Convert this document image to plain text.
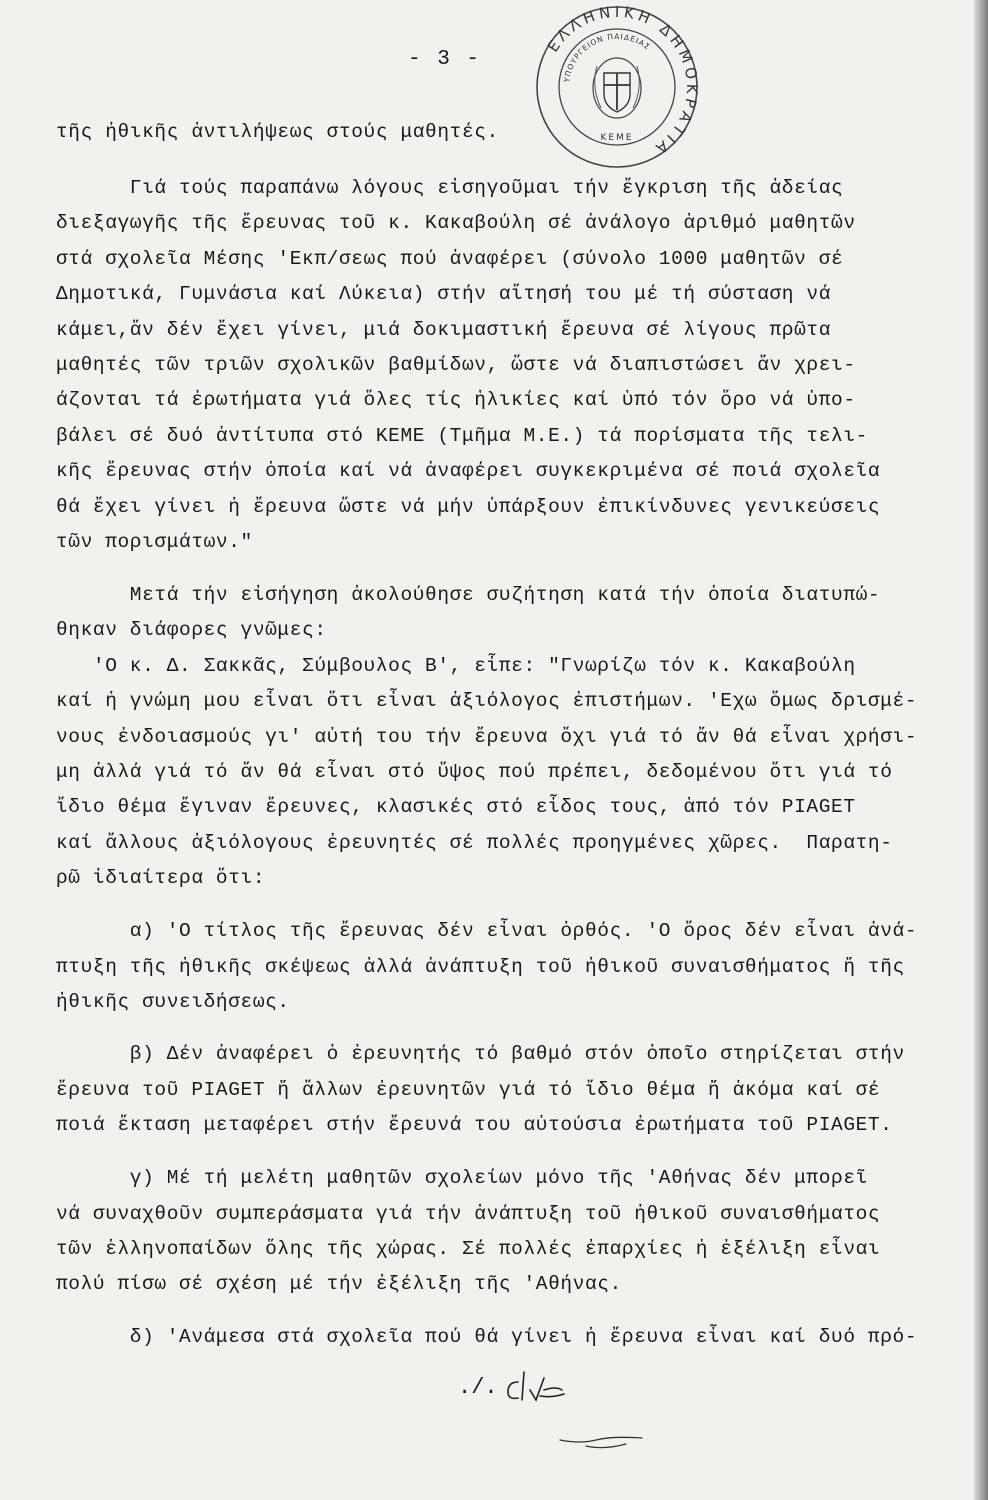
- 3 -
ΕΛΛΗΝΙΚΗ ΔΗΜΟΚΡΑΤΙΑ
ΥΠΟΥΡΓΕΙΟΝ ΠΑΙΔΕΙΑΣ
ΚΕΜΕ
τῆς ἠθικῆς ἀντιλήψεως στούς μαθητές.
Γιά τούς παραπάνω λόγους εἰσηγοῦμαι τήν ἔγκριση τῆς ἀδείας
διεξαγωγῆς τῆς ἔρευνας τοῦ κ. Κακαβούλη σέ ἀνάλογο ἀριθμό μαθητῶν
στά σχολεῖα Μέσης 'Εκπ/σεως πού ἀναφέρει (σύνολο 1000 μαθητῶν σέ
Δημοτικά, Γυμνάσια καί Λύκεια) στήν αἴτησή του μέ τή σύσταση νά
κάμει,ἄν δέν ἔχει γίνει, μιά δοκιμαστική ἔρευνα σέ λίγους πρῶτα
μαθητές τῶν τριῶν σχολικῶν βαθμίδων, ὥστε νά διαπιστώσει ἄν χρει-
άζονται τά ἐρωτήματα γιά ὅλες τίς ἡλικίες καί ὑπό τόν ὅρο νά ὑπο-
βάλει σέ δυό ἀντίτυπα στό ΚΕΜΕ (Τμῆμα Μ.Ε.) τά πορίσματα τῆς τελι-
κῆς ἔρευνας στήν ὁποία καί νά ἀναφέρει συγκεκριμένα σέ ποιά σχολεῖα
θά ἔχει γίνει ἡ ἔρευνα ὥστε νά μήν ὑπάρξουν ἐπικίνδυνες γενικεύσεις
τῶν πορισμάτων."
Μετά τήν εἰσήγηση ἀκολούθησε συζήτηση κατά τήν ὁποία διατυπώ-
θηκαν διάφορες γνῶμες:
'Ο κ. Δ. Σακκᾶς, Σύμβουλος Β', εἶπε: "Γνωρίζω τόν κ. Κακαβούλη
καί ἡ γνώμη μου εἶναι ὅτι εἶναι ἀξιόλογος ἐπιστήμων. 'Εχω ὅμως δρισμέ-
νους ἐνδοιασμούς γι' αὐτή του τήν ἔρευνα ὄχι γιά τό ἄν θά εἶναι χρήσι-
μη ἀλλά γιά τό ἄν θά εἶναι στό ὕψος πού πρέπει, δεδομένου ὅτι γιά τό
ἴδιο θέμα ἔγιναν ἔρευνες, κλασικές στό εἶδος τους, ἀπό τόν PIAGET
καί ἄλλους ἀξιόλογους ἐρευνητές σέ πολλές προηγμένες χῶρες.  Παρατη-
ρῶ ἰδιαίτερα ὅτι:
α) 'Ο τίτλος τῆς ἔρευνας δέν εἶναι ὀρθός. 'Ο ὅρος δέν εἶναι ἀνά-
πτυξη τῆς ἠθικῆς σκέψεως ἀλλά ἀνάπτυξη τοῦ ἠθικοῦ συναισθήματος ἤ τῆς
ἠθικῆς συνειδήσεως.
β) Δέν ἀναφέρει ὁ ἐρευνητής τό βαθμό στόν ὁποῖο στηρίζεται στήν
ἔρευνα τοῦ PIAGET ἤ ἄλλων ἐρευνητῶν γιά τό ἴδιο θέμα ἤ ἀκόμα καί σέ
ποιά ἔκταση μεταφέρει στήν ἔρευνά του αὐτούσια ἐρωτήματα τοῦ PIAGET.
γ) Μέ τή μελέτη μαθητῶν σχολείων μόνο τῆς 'Αθήνας δέν μπορεῖ
νά συναχθοῦν συμπεράσματα γιά τήν ἀνάπτυξη τοῦ ἠθικοῦ συναισθήματος
τῶν ἑλληνοπαίδων ὅλης τῆς χώρας. Σέ πολλές ἐπαρχίες ἡ ἐξέλιξη εἶναι
πολύ πίσω σέ σχέση μέ τήν ἐξέλιξη τῆς 'Αθήνας.
δ) 'Ανάμεσα στά σχολεῖα πού θά γίνει ἡ ἔρευνα εἶναι καί δυό πρό-
./.
